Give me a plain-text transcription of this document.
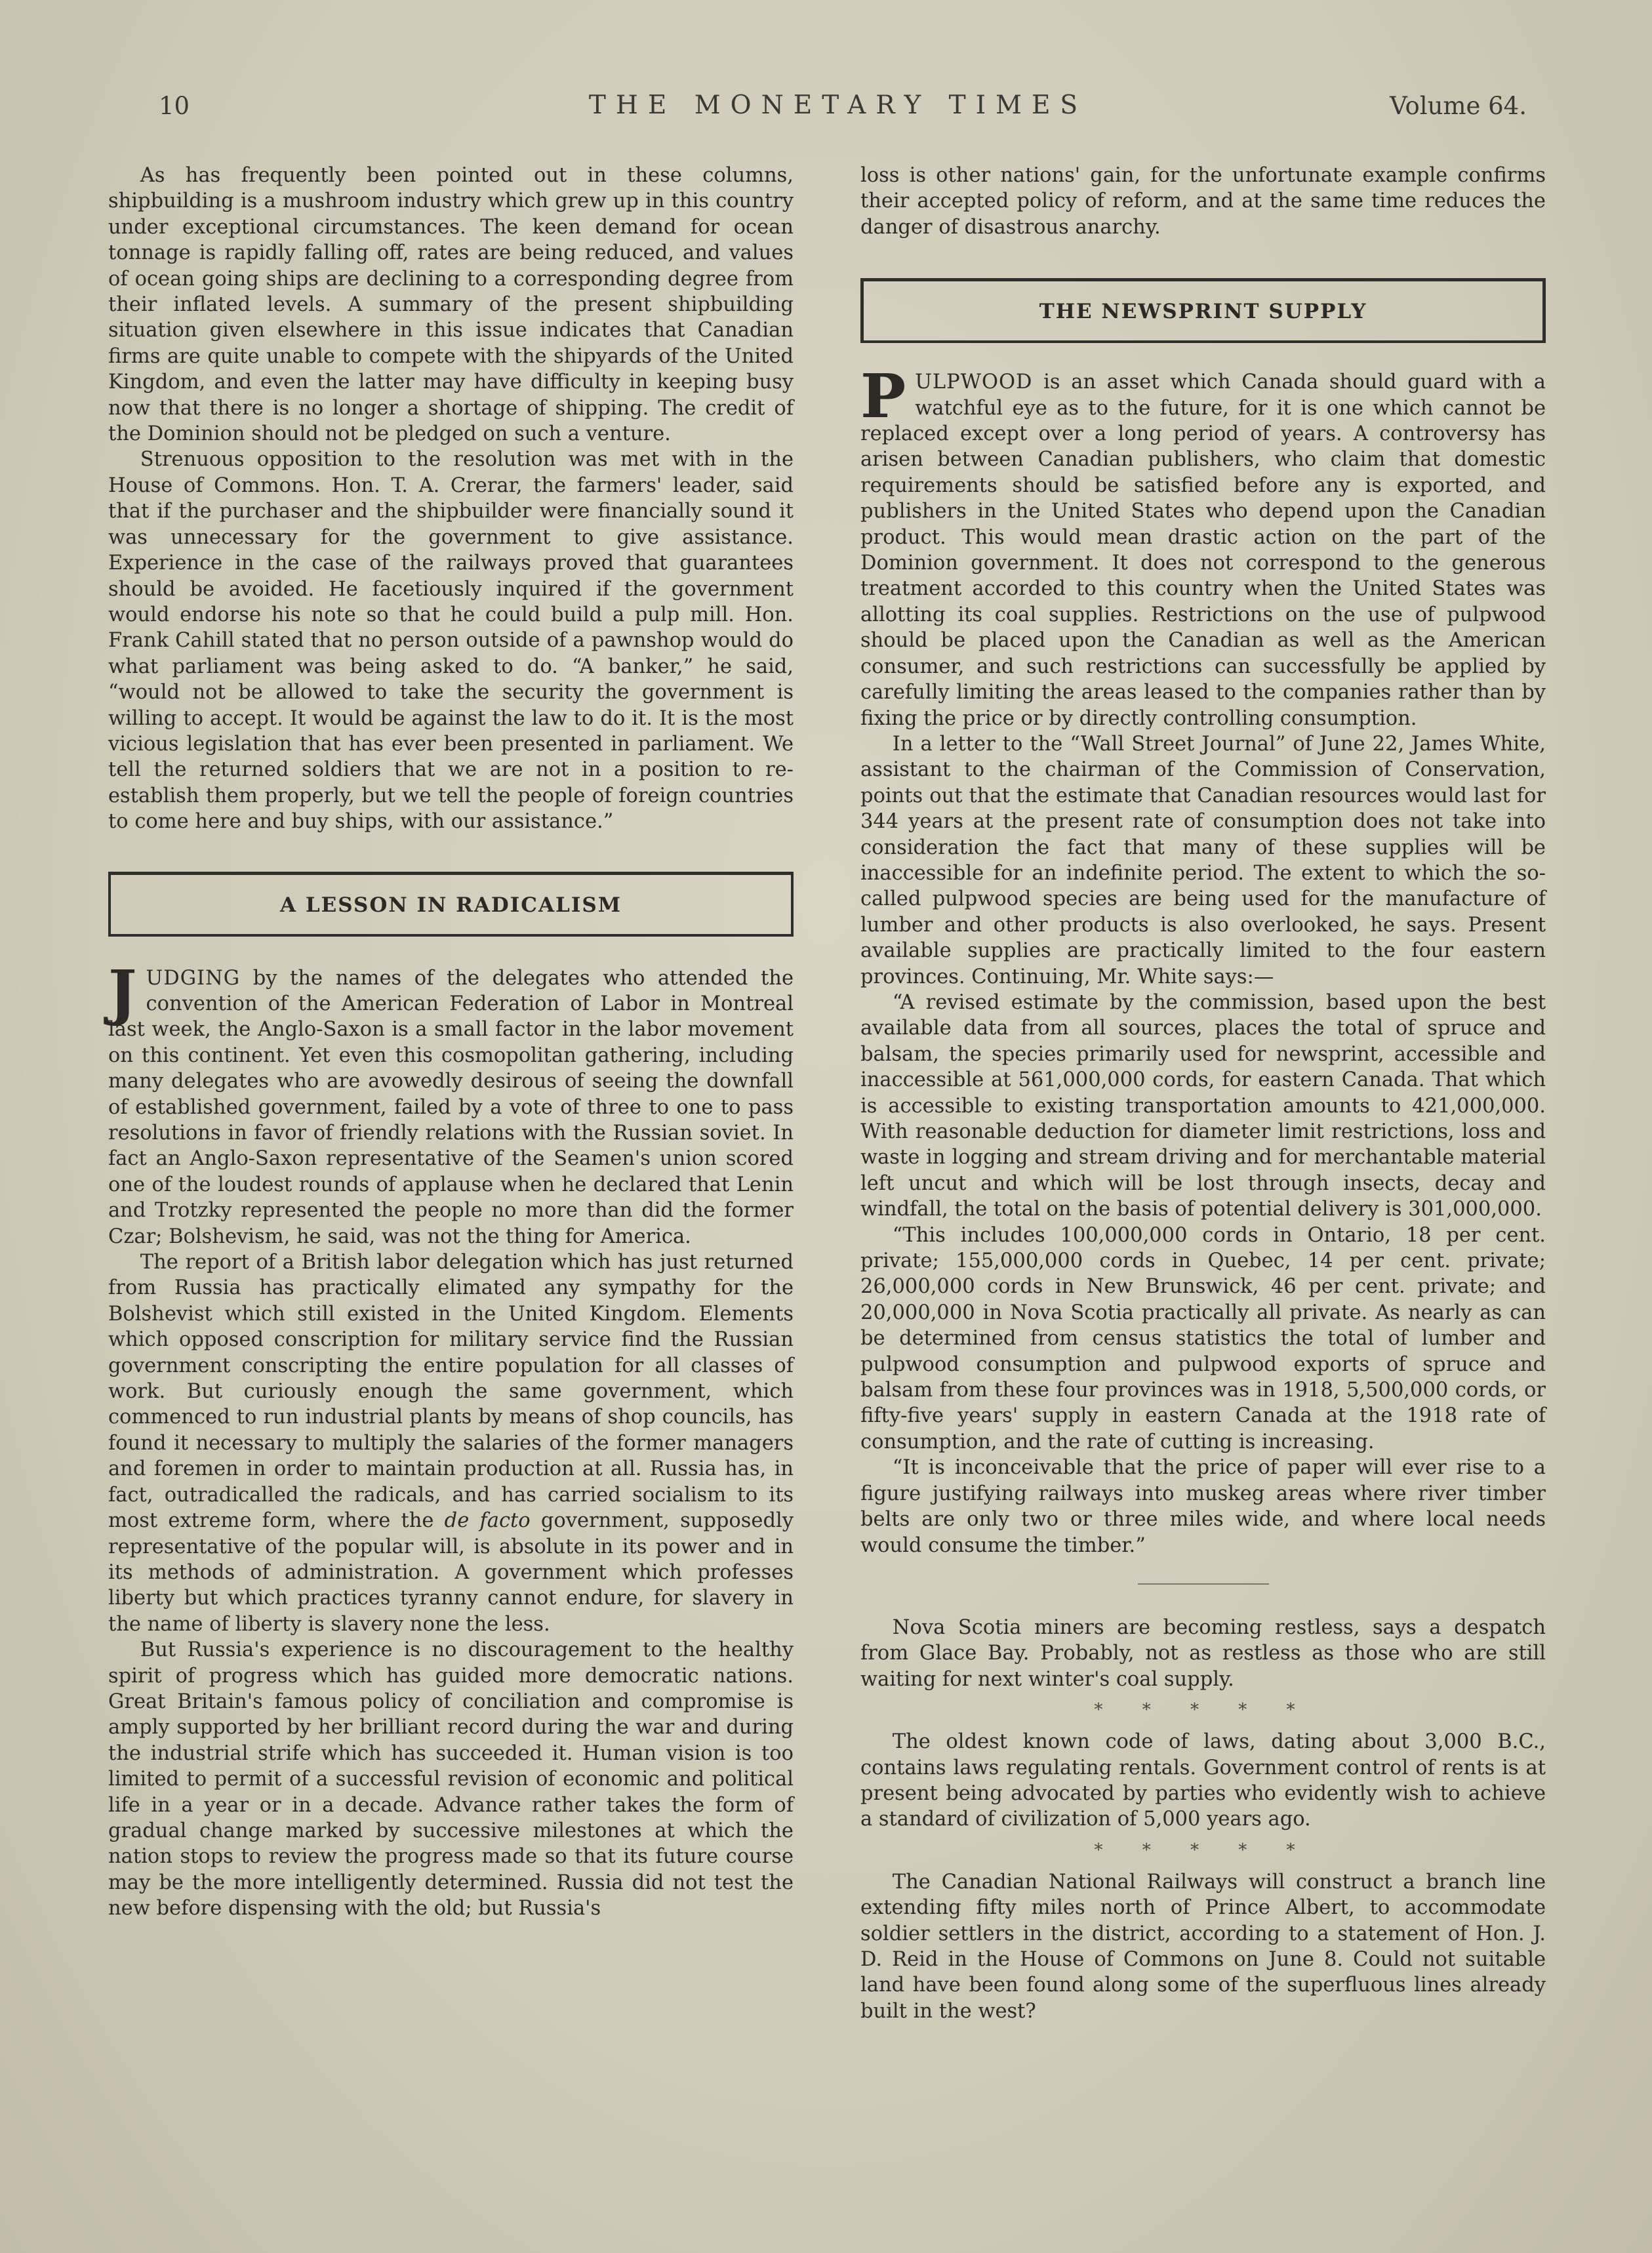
10	THE MONETARY TIMES	Volume 64.

As has frequently been pointed out in these columns, shipbuilding is a mushroom industry which grew up in this country under exceptional circumstances. The keen demand for ocean tonnage is rapidly falling off, rates are being reduced, and values of ocean going ships are declining to a corresponding degree from their inflated levels. A summary of the present shipbuilding situation given elsewhere in this issue indicates that Canadian firms are quite unable to compete with the shipyards of the United Kingdom, and even the latter may have difficulty in keeping busy now that there is no longer a shortage of shipping. The credit of the Dominion should not be pledged on such a venture.

Strenuous opposition to the resolution was met with in the House of Commons. Hon. T. A. Crerar, the farmers' leader, said that if the purchaser and the shipbuilder were financially sound it was unnecessary for the government to give assistance. Experience in the case of the railways proved that guarantees should be avoided. He facetiously inquired if the government would endorse his note so that he could build a pulp mill. Hon. Frank Cahill stated that no person outside of a pawnshop would do what parliament was being asked to do. “A banker,” he said, “would not be allowed to take the security the government is willing to accept. It would be against the law to do it. It is the most vicious legislation that has ever been presented in parliament. We tell the returned soldiers that we are not in a position to re-establish them properly, but we tell the people of foreign countries to come here and buy ships, with our assistance.”

A LESSON IN RADICALISM

JUDGING by the names of the delegates who attended the convention of the American Federation of Labor in Montreal last week, the Anglo-Saxon is a small factor in the labor movement on this continent. Yet even this cosmopolitan gathering, including many delegates who are avowedly desirous of seeing the downfall of established government, failed by a vote of three to one to pass resolutions in favor of friendly relations with the Russian soviet. In fact an Anglo-Saxon representative of the Seamen's union scored one of the loudest rounds of applause when he declared that Lenin and Trotzky represented the people no more than did the former Czar; Bolshevism, he said, was not the thing for America.

The report of a British labor delegation which has just returned from Russia has practically elimated any sympathy for the Bolshevist which still existed in the United Kingdom. Elements which opposed conscription for military service find the Russian government conscripting the entire population for all classes of work. But curiously enough the same government, which commenced to run industrial plants by means of shop councils, has found it necessary to multiply the salaries of the former managers and foremen in order to maintain production at all. Russia has, in fact, outradicalled the radicals, and has carried socialism to its most extreme form, where the de facto government, supposedly representative of the popular will, is absolute in its power and in its methods of administration. A government which professes liberty but which practices tyranny cannot endure, for slavery in the name of liberty is slavery none the less.

But Russia's experience is no discouragement to the healthy spirit of progress which has guided more democratic nations. Great Britain's famous policy of conciliation and compromise is amply supported by her brilliant record during the war and during the industrial strife which has succeeded it. Human vision is too limited to permit of a successful revision of economic and political life in a year or in a decade. Advance rather takes the form of gradual change marked by successive milestones at which the nation stops to review the progress made so that its future course may be the more intelligently determined. Russia did not test the new before dispensing with the old; but Russia's

loss is other nations' gain, for the unfortunate example confirms their accepted policy of reform, and at the same time reduces the danger of disastrous anarchy.

THE NEWSPRINT SUPPLY

PULPWOOD is an asset which Canada should guard with a watchful eye as to the future, for it is one which cannot be replaced except over a long period of years. A controversy has arisen between Canadian publishers, who claim that domestic requirements should be satisfied before any is exported, and publishers in the United States who depend upon the Canadian product. This would mean drastic action on the part of the Dominion government. It does not correspond to the generous treatment accorded to this country when the United States was allotting its coal supplies. Restrictions on the use of pulpwood should be placed upon the Canadian as well as the American consumer, and such restrictions can successfully be applied by carefully limiting the areas leased to the companies rather than by fixing the price or by directly controlling consumption.

In a letter to the “Wall Street Journal” of June 22, James White, assistant to the chairman of the Commission of Conservation, points out that the estimate that Canadian resources would last for 344 years at the present rate of consumption does not take into consideration the fact that many of these supplies will be inaccessible for an indefinite period. The extent to which the so-called pulpwood species are being used for the manufacture of lumber and other products is also overlooked, he says. Present available supplies are practically limited to the four eastern provinces. Continuing, Mr. White says:—

“A revised estimate by the commission, based upon the best available data from all sources, places the total of spruce and balsam, the species primarily used for newsprint, accessible and inaccessible at 561,000,000 cords, for eastern Canada. That which is accessible to existing transportation amounts to 421,000,000. With reasonable deduction for diameter limit restrictions, loss and waste in logging and stream driving and for merchantable material left uncut and which will be lost through insects, decay and windfall, the total on the basis of potential delivery is 301,000,000.

“This includes 100,000,000 cords in Ontario, 18 per cent. private; 155,000,000 cords in Quebec, 14 per cent. private; 26,000,000 cords in New Brunswick, 46 per cent. private; and 20,000,000 in Nova Scotia practically all private. As nearly as can be determined from census statistics the total of lumber and pulpwood consumption and pulpwood exports of spruce and balsam from these four provinces was in 1918, 5,500,000 cords, or fifty-five years' supply in eastern Canada at the 1918 rate of consumption, and the rate of cutting is increasing.

“It is inconceivable that the price of paper will ever rise to a figure justifying railways into muskeg areas where river timber belts are only two or three miles wide, and where local needs would consume the timber.”

Nova Scotia miners are becoming restless, says a despatch from Glace Bay. Probably, not as restless as those who are still waiting for next winter's coal supply.

* * * * *

The oldest known code of laws, dating about 3,000 B.C., contains laws regulating rentals. Government control of rents is at present being advocated by parties who evidently wish to achieve a standard of civilization of 5,000 years ago.

* * * * *

The Canadian National Railways will construct a branch line extending fifty miles north of Prince Albert, to accommodate soldier settlers in the district, according to a statement of Hon. J. D. Reid in the House of Commons on June 8. Could not suitable land have been found along some of the superfluous lines already built in the west?
